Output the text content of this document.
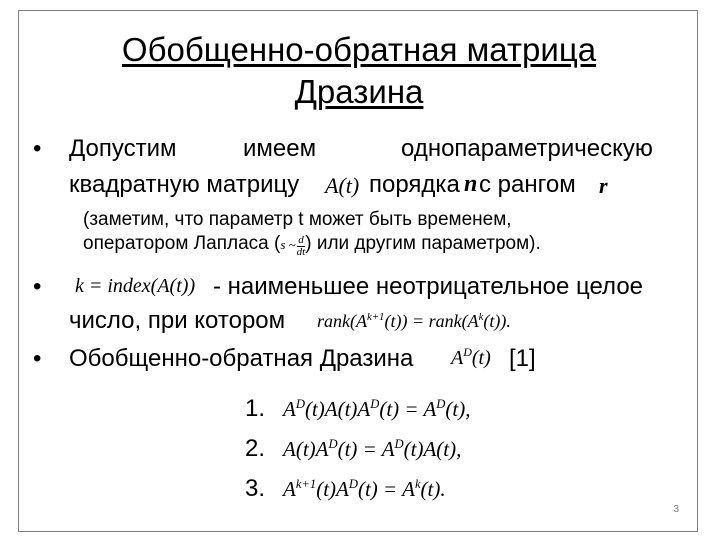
Обобщенно-обратная матрица
Дразина
• Допустим	имеем	однопараметрическую
квадратную матрицу A(t) порядка n с рангом r
(заметим, что параметр t может быть временем,
оператором Лапласа (s ~ $\frac{d}{dt}$ ) или другим параметром).
• k = index(A(t)) - наименьшее неотрицательное целое
число, при котором $rank(A^{k+1}(t))$ = $rank(A^k(t))$.
• Обобщенно-обратная Дразина $A^D(t)$ [1]
1. $A^D(t)A(t)A^D(t) = A^D(t)$,
2. $A(t)A^D(t) = A^D(t)A(t)$,
3. $A^{k+1}(t)A^D(t) = A^k(t)$.
3
